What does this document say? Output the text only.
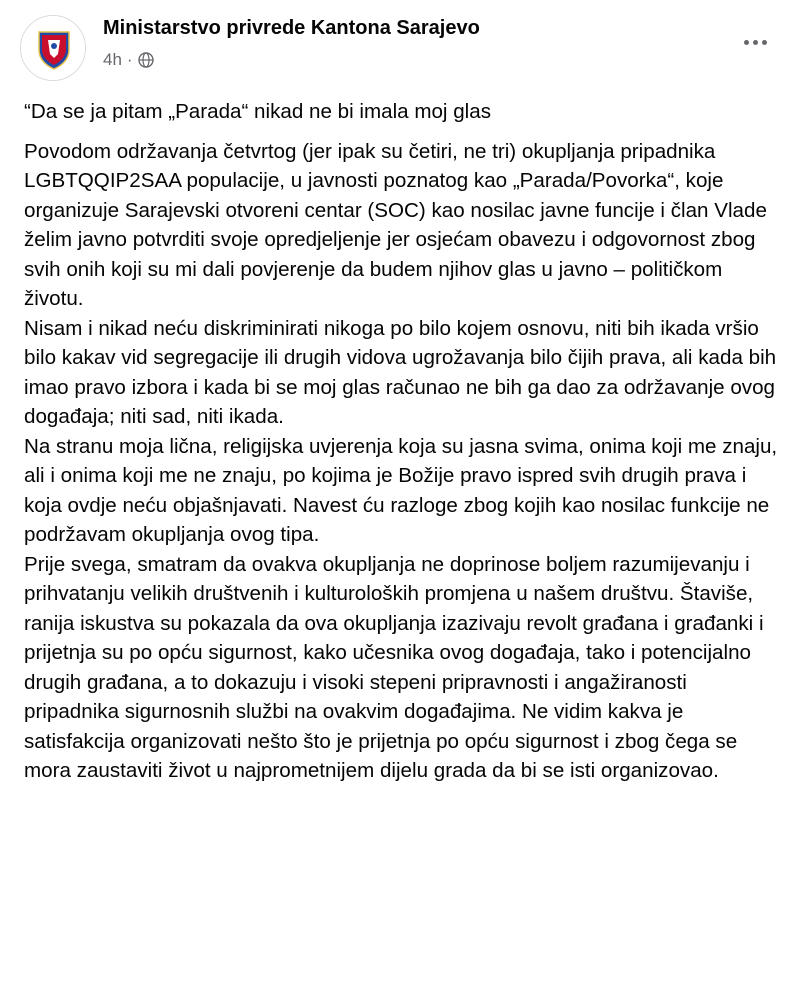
Ministarstvo privrede Kantona Sarajevo
4h ·

“Da se ja pitam „Parada“ nikad ne bi imala moj glas

Povodom održavanja četvrtog (jer ipak su četiri, ne tri) okupljanja pripadnika LGBTQQIP2SAA populacije, u javnosti poznatog kao „Parada/Povorka“, koje organizuje Sarajevski otvoreni centar (SOC) kao nosilac javne funcije i član Vlade želim javno potvrditi svoje opredjeljenje jer osjećam obavezu i odgovornost zbog svih onih koji su mi dali povjerenje da budem njihov glas u javno – političkom životu.

Nisam i nikad neću diskriminirati nikoga po bilo kojem osnovu, niti bih ikada vršio bilo kakav vid segregacije ili drugih vidova ugrožavanja bilo čijih prava, ali kada bih imao pravo izbora i kada bi se moj glas računao ne bih ga dao za održavanje ovog događaja; niti sad, niti ikada.

Na stranu moja lična, religijska uvjerenja koja su jasna svima, onima koji me znaju, ali i onima koji me ne znaju, po kojima je Božije pravo ispred svih drugih prava i koja ovdje neću objašnjavati. Navest ću razloge zbog kojih kao nosilac funkcije ne podržavam okupljanja ovog tipa.

Prije svega, smatram da ovakva okupljanja ne doprinose boljem razumijevanju i prihvatanju velikih društvenih i kulturoloških promjena u našem društvu. Štaviše, ranija iskustva su pokazala da ova okupljanja izazivaju revolt građana i građanki i prijetnja su po opću sigurnost, kako učesnika ovog događaja, tako i potencijalno drugih građana, a to dokazuju i visoki stepeni pripravnosti i angažiranosti pripadnika sigurnosnih službi na ovakvim događajima. Ne vidim kakva je satisfakcija organizovati nešto što je prijetnja po opću sigurnost i zbog čega se mora zaustaviti život u najprometnijem dijelu grada da bi se isti organizovao.
